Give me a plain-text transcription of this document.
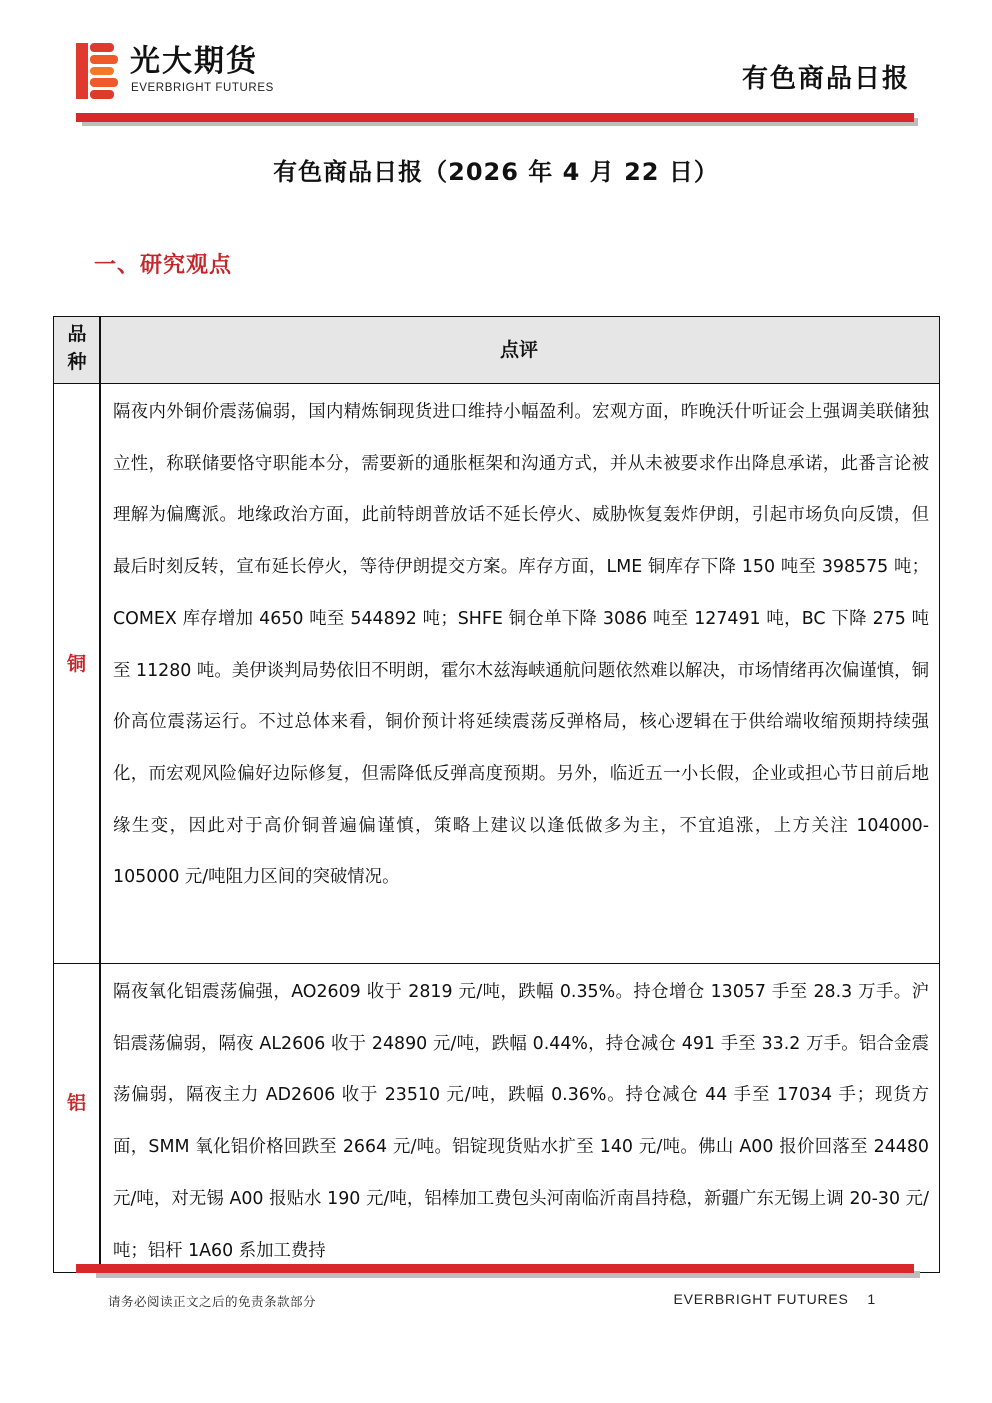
光大期货
EVERBRIGHT FUTURES	有色商品日报
有色商品日报（2026 年 4 月 22 日）
一、研究观点
品种
点评
铜
隔夜内外铜价震荡偏弱，国内精炼铜现货进口维持小幅盈利。宏观方面，昨晚沃什听证会上强调美联储独立性，称联储要恪守职能本分，需要新的通胀框架和沟通方式，并从未被要求作出降息承诺，此番言论被理解为偏鹰派。地缘政治方面，此前特朗普放话不延长停火、威胁恢复轰炸伊朗，引起市场负向反馈，但最后时刻反转，宣布延长停火，等待伊朗提交方案。库存方面，LME 铜库存下降 150 吨至 398575 吨；COMEX 库存增加 4650 吨至 544892 吨；SHFE 铜仓单下降 3086 吨至 127491 吨，BC 下降 275 吨至 11280 吨。美伊谈判局势依旧不明朗，霍尔木兹海峡通航问题依然难以解决，市场情绪再次偏谨慎，铜价高位震荡运行。不过总体来看，铜价预计将延续震荡反弹格局，核心逻辑在于供给端收缩预期持续强化，而宏观风险偏好边际修复，但需降低反弹高度预期。另外，临近五一小长假，企业或担心节日前后地缘生变，因此对于高价铜普遍偏谨慎，策略上建议以逢低做多为主，不宜追涨，上方关注 104000-105000 元/吨阻力区间的突破情况。
铝
隔夜氧化铝震荡偏强，AO2609 收于 2819 元/吨，跌幅 0.35%。持仓增仓 13057 手至 28.3 万手。沪铝震荡偏弱，隔夜 AL2606 收于 24890 元/吨，跌幅 0.44%，持仓减仓 491 手至 33.2 万手。铝合金震荡偏弱，隔夜主力 AD2606 收于 23510 元/吨，跌幅 0.36%。持仓减仓 44 手至 17034 手；现货方面，SMM 氧化铝价格回跌至 2664 元/吨。铝锭现货贴水扩至 140 元/吨。佛山 A00 报价回落至 24480 元/吨，对无锡 A00 报贴水 190 元/吨，铝棒加工费包头河南临沂南昌持稳，新疆广东无锡上调 20-30 元/吨；铝杆 1A60 系加工费持
请务必阅读正文之后的免责条款部分	EVERBRIGHT FUTURES 1
